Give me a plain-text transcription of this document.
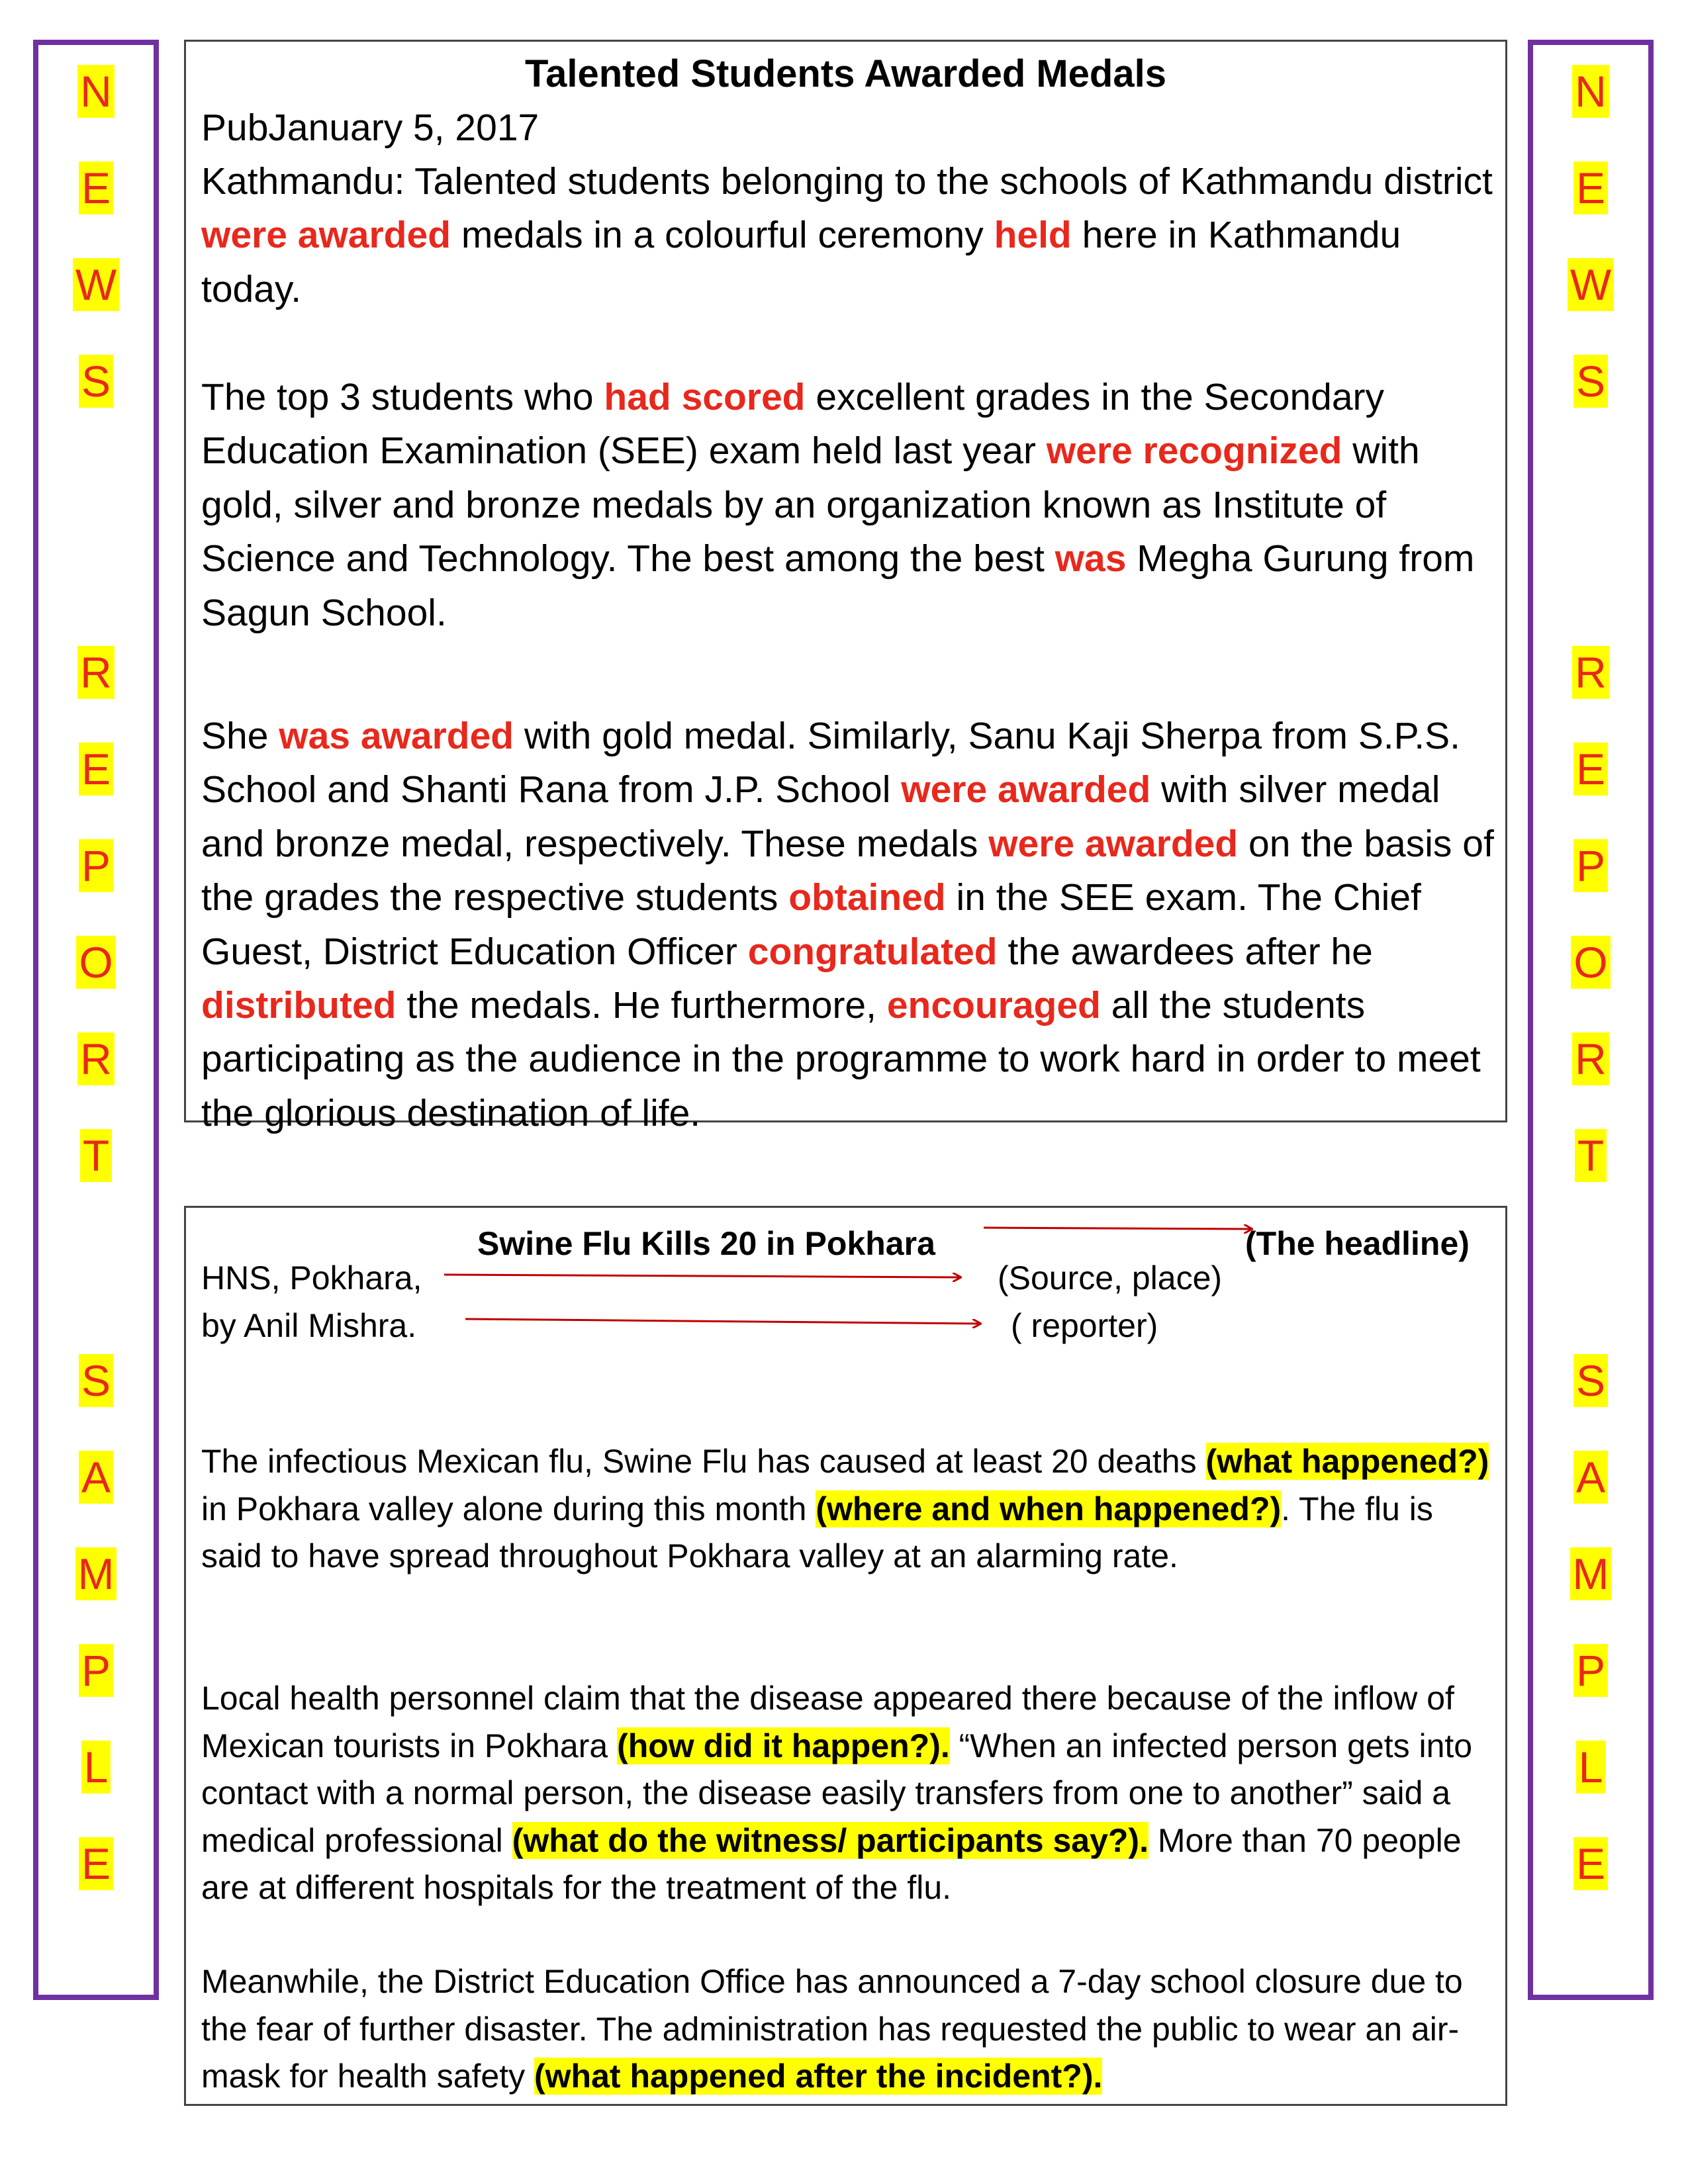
N
E
W
S
R
E
P
O
R
T
S
A
M
P
L
E
N
E
W
S
R
E
P
O
R
T
S
A
M
P
L
E
Talented Students Awarded Medals

PubJanuary 5, 2017

Kathmandu: Talented students belonging to the schools of Kathmandu district were awarded medals in a colourful ceremony held here in Kathmandu today.

The top 3 students who had scored excellent grades in the Secondary Education Examination (SEE) exam held last year were recognized with gold, silver and bronze medals by an organization known as Institute of Science and Technology. The best among the best was Megha Gurung from Sagun School.

She was awarded with gold medal. Similarly, Sanu Kaji Sherpa from S.P.S. School and Shanti Rana from J.P. School were awarded with silver medal and bronze medal, respectively. These medals were awarded on the basis of the grades the respective students obtained in the SEE exam. The Chief Guest, District Education Officer congratulated the awardees after he distributed the medals. He furthermore, encouraged all the students participating as the audience in the programme to work hard in order to meet the glorious destination of life.

Swine Flu Kills 20 in Pokhara	(The headline)
HNS, Pokhara,	(Source, place)
by Anil Mishra.	( reporter)

The infectious Mexican flu, Swine Flu has caused at least 20 deaths (what happened?) in Pokhara valley alone during this month (where and when happened?). The flu is said to have spread throughout Pokhara valley at an alarming rate.

Local health personnel claim that the disease appeared there because of the inflow of Mexican tourists in Pokhara (how did it happen?). “When an infected person gets into contact with a normal person, the disease easily transfers from one to another” said a medical professional (what do the witness/ participants say?). More than 70 people are at different hospitals for the treatment of the flu.

Meanwhile, the District Education Office has announced a 7-day school closure due to the fear of further disaster. The administration has requested the public to wear an air-mask for health safety (what happened after the incident?).
